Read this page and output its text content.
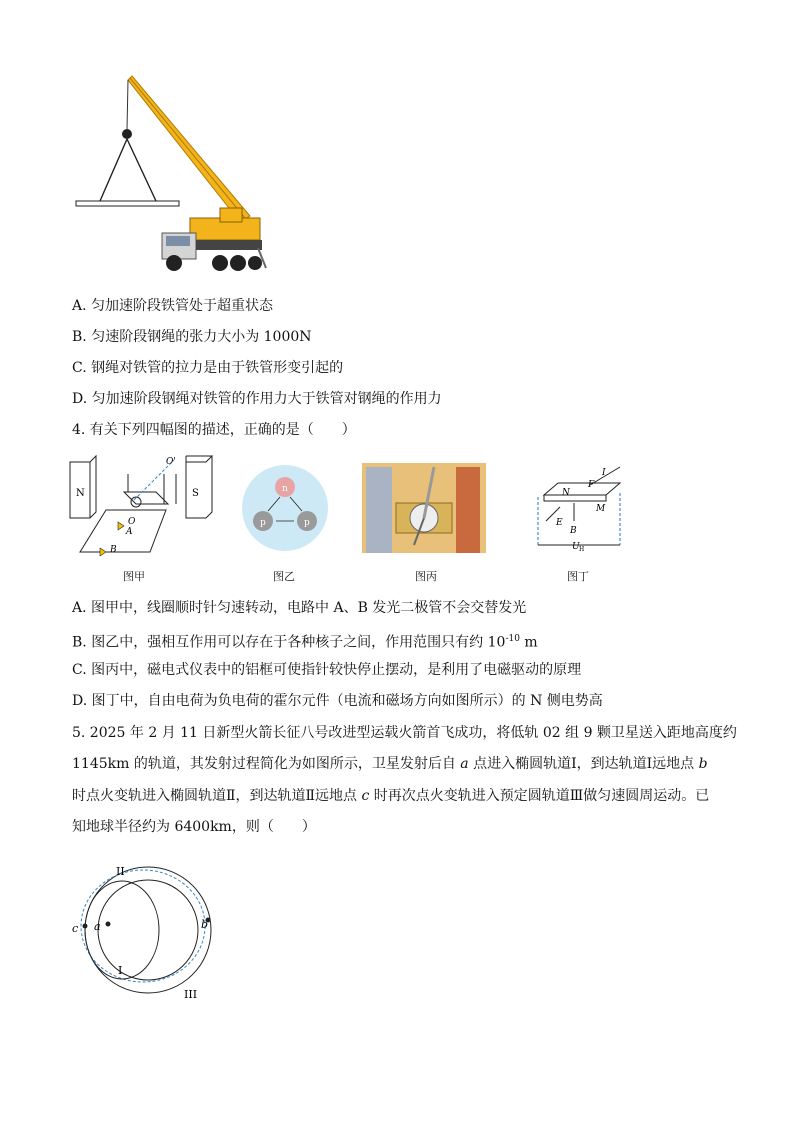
A. 匀加速阶段铁管处于超重状态
B. 匀速阶段钢绳的张力大小为 1000N
C. 钢绳对铁管的拉力是由于铁管形变引起的
D. 匀加速阶段钢绳对铁管的作用力大于铁管对钢绳的作用力
4. 有关下列四幅图的描述，正确的是（　　）
N	S
O
O'
A
B
n
p	p
N
F
I
M
E
B
U H
图甲	图乙	图丙	图丁
A. 图甲中，线圈顺时针匀速转动，电路中 A、B 发光二极管不会交替发光
B. 图乙中，强相互作用可以存在于各种核子之间，作用范围只有约 $10^{-10}$ m
C. 图丙中，磁电式仪表中的铝框可使指针较快停止摆动，是利用了电磁驱动的原理
D. 图丁中，自由电荷为负电荷的霍尔元件（电流和磁场方向如图所示）的 N 侧电势高
5. 2025 年 2 月 11 日新型火箭长征八号改进型运载火箭首飞成功，将低轨 02 组 9 颗卫星送入距地高度约
1145km 的轨道，其发射过程简化为如图所示，卫星发射后自 a 点进入椭圆轨道Ⅰ，到达轨道Ⅰ远地点 b
时点火变轨进入椭圆轨道Ⅱ，到达轨道Ⅱ远地点 c 时再次点火变轨进入预定圆轨道Ⅲ做匀速圆周运动。已
知地球半径约为 6400km，则（　　）
II
I
III
a	b
c
